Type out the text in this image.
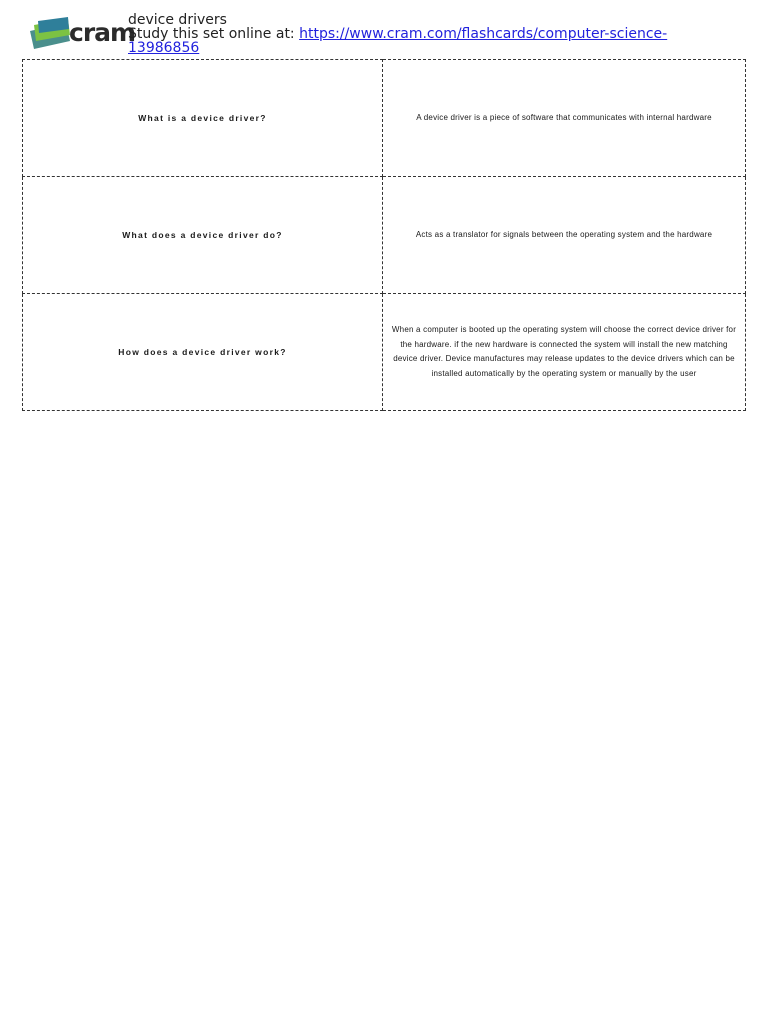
cram
device drivers
Study this set online at: https://www.cram.com/flashcards/computer-science-13986856
What is a device driver?	A device driver is a piece of software that communicates with internal hardware
What does a device driver do?	Acts as a translator for signals between the operating system and the hardware
How does a device driver work?	When a computer is booted up the operating system will choose the correct device driver for the hardware. if the new hardware is connected the system will install the new matching device driver. Device manufactures may release updates to the device drivers which can be installed automatically by the operating system or manually by the user
